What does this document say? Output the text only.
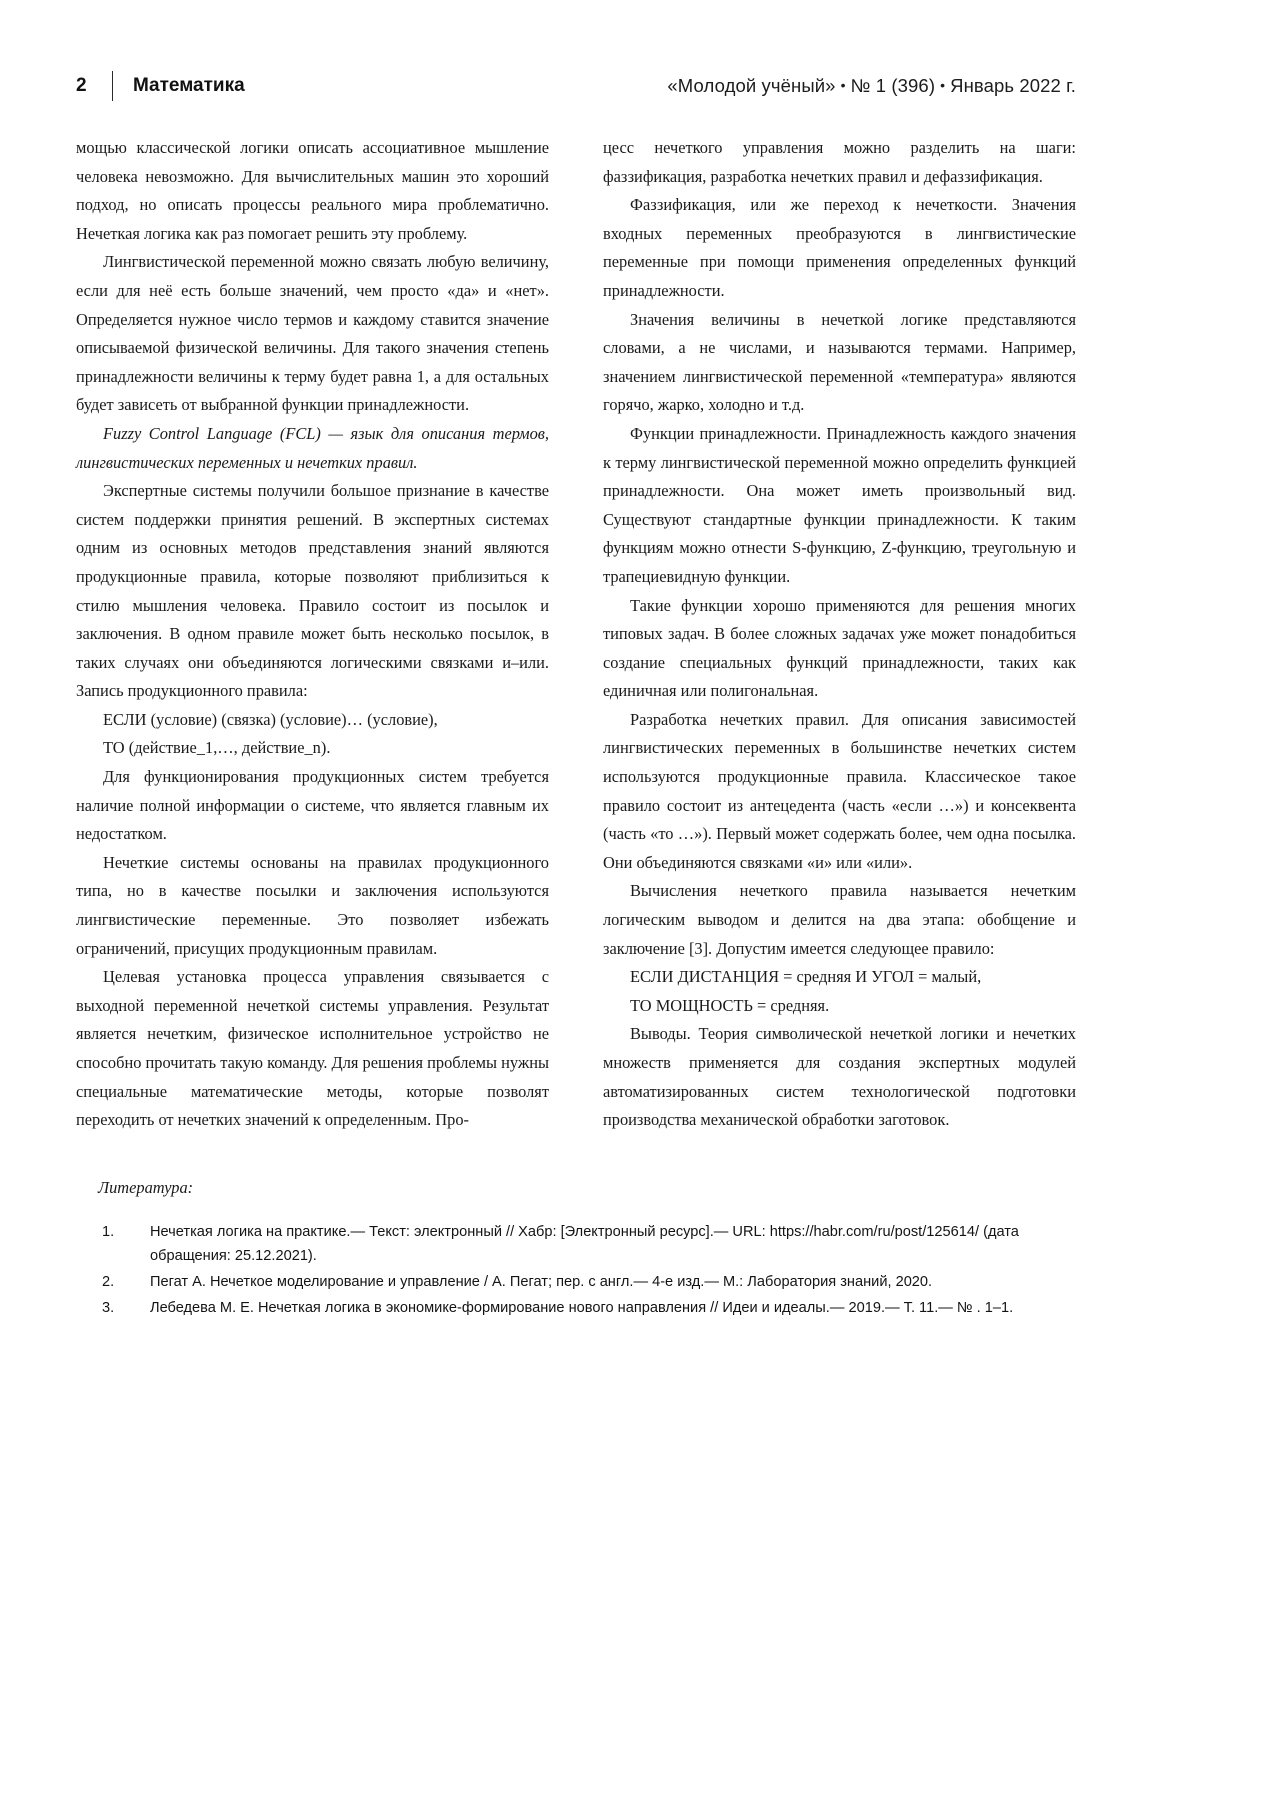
2	Математика	«Молодой учёный» • № 1 (396) • Январь 2022 г.

мощью классической логики описать ассоциативное мышление человека невозможно. Для вычислительных машин это хороший подход, но описать процессы реального мира проблематично. Нечеткая логика как раз помогает решить эту проблему.

Лингвистической переменной можно связать любую величину, если для неё есть больше значений, чем просто «да» и «нет». Определяется нужное число термов и каждому ставится значение описываемой физической величины. Для такого значения степень принадлежности величины к терму будет равна 1, а для остальных будет зависеть от выбранной функции принадлежности.

Fuzzy Control Language (FCL) — язык для описания термов, лингвистических переменных и нечетких правил.

Экспертные системы получили большое признание в качестве систем поддержки принятия решений. В экспертных системах одним из основных методов представления знаний являются продукционные правила, которые позволяют приблизиться к стилю мышления человека. Правило состоит из посылок и заключения. В одном правиле может быть несколько посылок, в таких случаях они объединяются логическими связками и–или. Запись продукционного правила:

ЕСЛИ (условие) (связка) (условие)… (условие),

ТО (действие_1,…, действие_n).

Для функционирования продукционных систем требуется наличие полной информации о системе, что является главным их недостатком.

Нечеткие системы основаны на правилах продукционного типа, но в качестве посылки и заключения используются лингвистические переменные. Это позволяет избежать ограничений, присущих продукционным правилам.

Целевая установка процесса управления связывается с выходной переменной нечеткой системы управления. Результат является нечетким, физическое исполнительное устройство не способно прочитать такую команду. Для решения проблемы нужны специальные математические методы, которые позволят переходить от нечетких значений к определенным. Про-

цесс нечеткого управления можно разделить на шаги: фаззификация, разработка нечетких правил и дефаззификация.

Фаззификация, или же переход к нечеткости. Значения входных переменных преобразуются в лингвистические переменные при помощи применения определенных функций принадлежности.

Значения величины в нечеткой логике представляются словами, а не числами, и называются термами. Например, значением лингвистической переменной «температура» являются горячо, жарко, холодно и т.д.

Функции принадлежности. Принадлежность каждого значения к терму лингвистической переменной можно определить функцией принадлежности. Она может иметь произвольный вид. Существуют стандартные функции принадлежности. К таким функциям можно отнести S-функцию, Z-функцию, треугольную и трапециевидную функции.

Такие функции хорошо применяются для решения многих типовых задач. В более сложных задачах уже может понадобиться создание специальных функций принадлежности, таких как единичная или полигональная.

Разработка нечетких правил. Для описания зависимостей лингвистических переменных в большинстве нечетких систем используются продукционные правила. Классическое такое правило состоит из антецедента (часть «если …») и консеквента (часть «то …»). Первый может содержать более, чем одна посылка. Они объединяются связками «и» или «или».

Вычисления нечеткого правила называется нечетким логическим выводом и делится на два этапа: обобщение и заключение [3]. Допустим имеется следующее правило:

ЕСЛИ ДИСТАНЦИЯ = средняя И УГОЛ = малый,

ТО МОЩНОСТЬ = средняя.

Выводы. Теория символической нечеткой логики и нечетких множеств применяется для создания экспертных модулей автоматизированных систем технологической подготовки производства механической обработки заготовок.

Литература:
1.	Нечеткая логика на практике.— Текст: электронный // Хабр: [Электронный ресурс].— URL: https://habr.com/ru/post/125614/ (дата обращения: 25.12.2021).
2.	Пегат А. Нечеткое моделирование и управление / А. Пегат; пер. с англ.— 4-е изд.— М.: Лаборатория знаний, 2020.
3.	Лебедева М. Е. Нечеткая логика в экономике-формирование нового направления // Идеи и идеалы.— 2019.— Т. 11.— № . 1–1.
